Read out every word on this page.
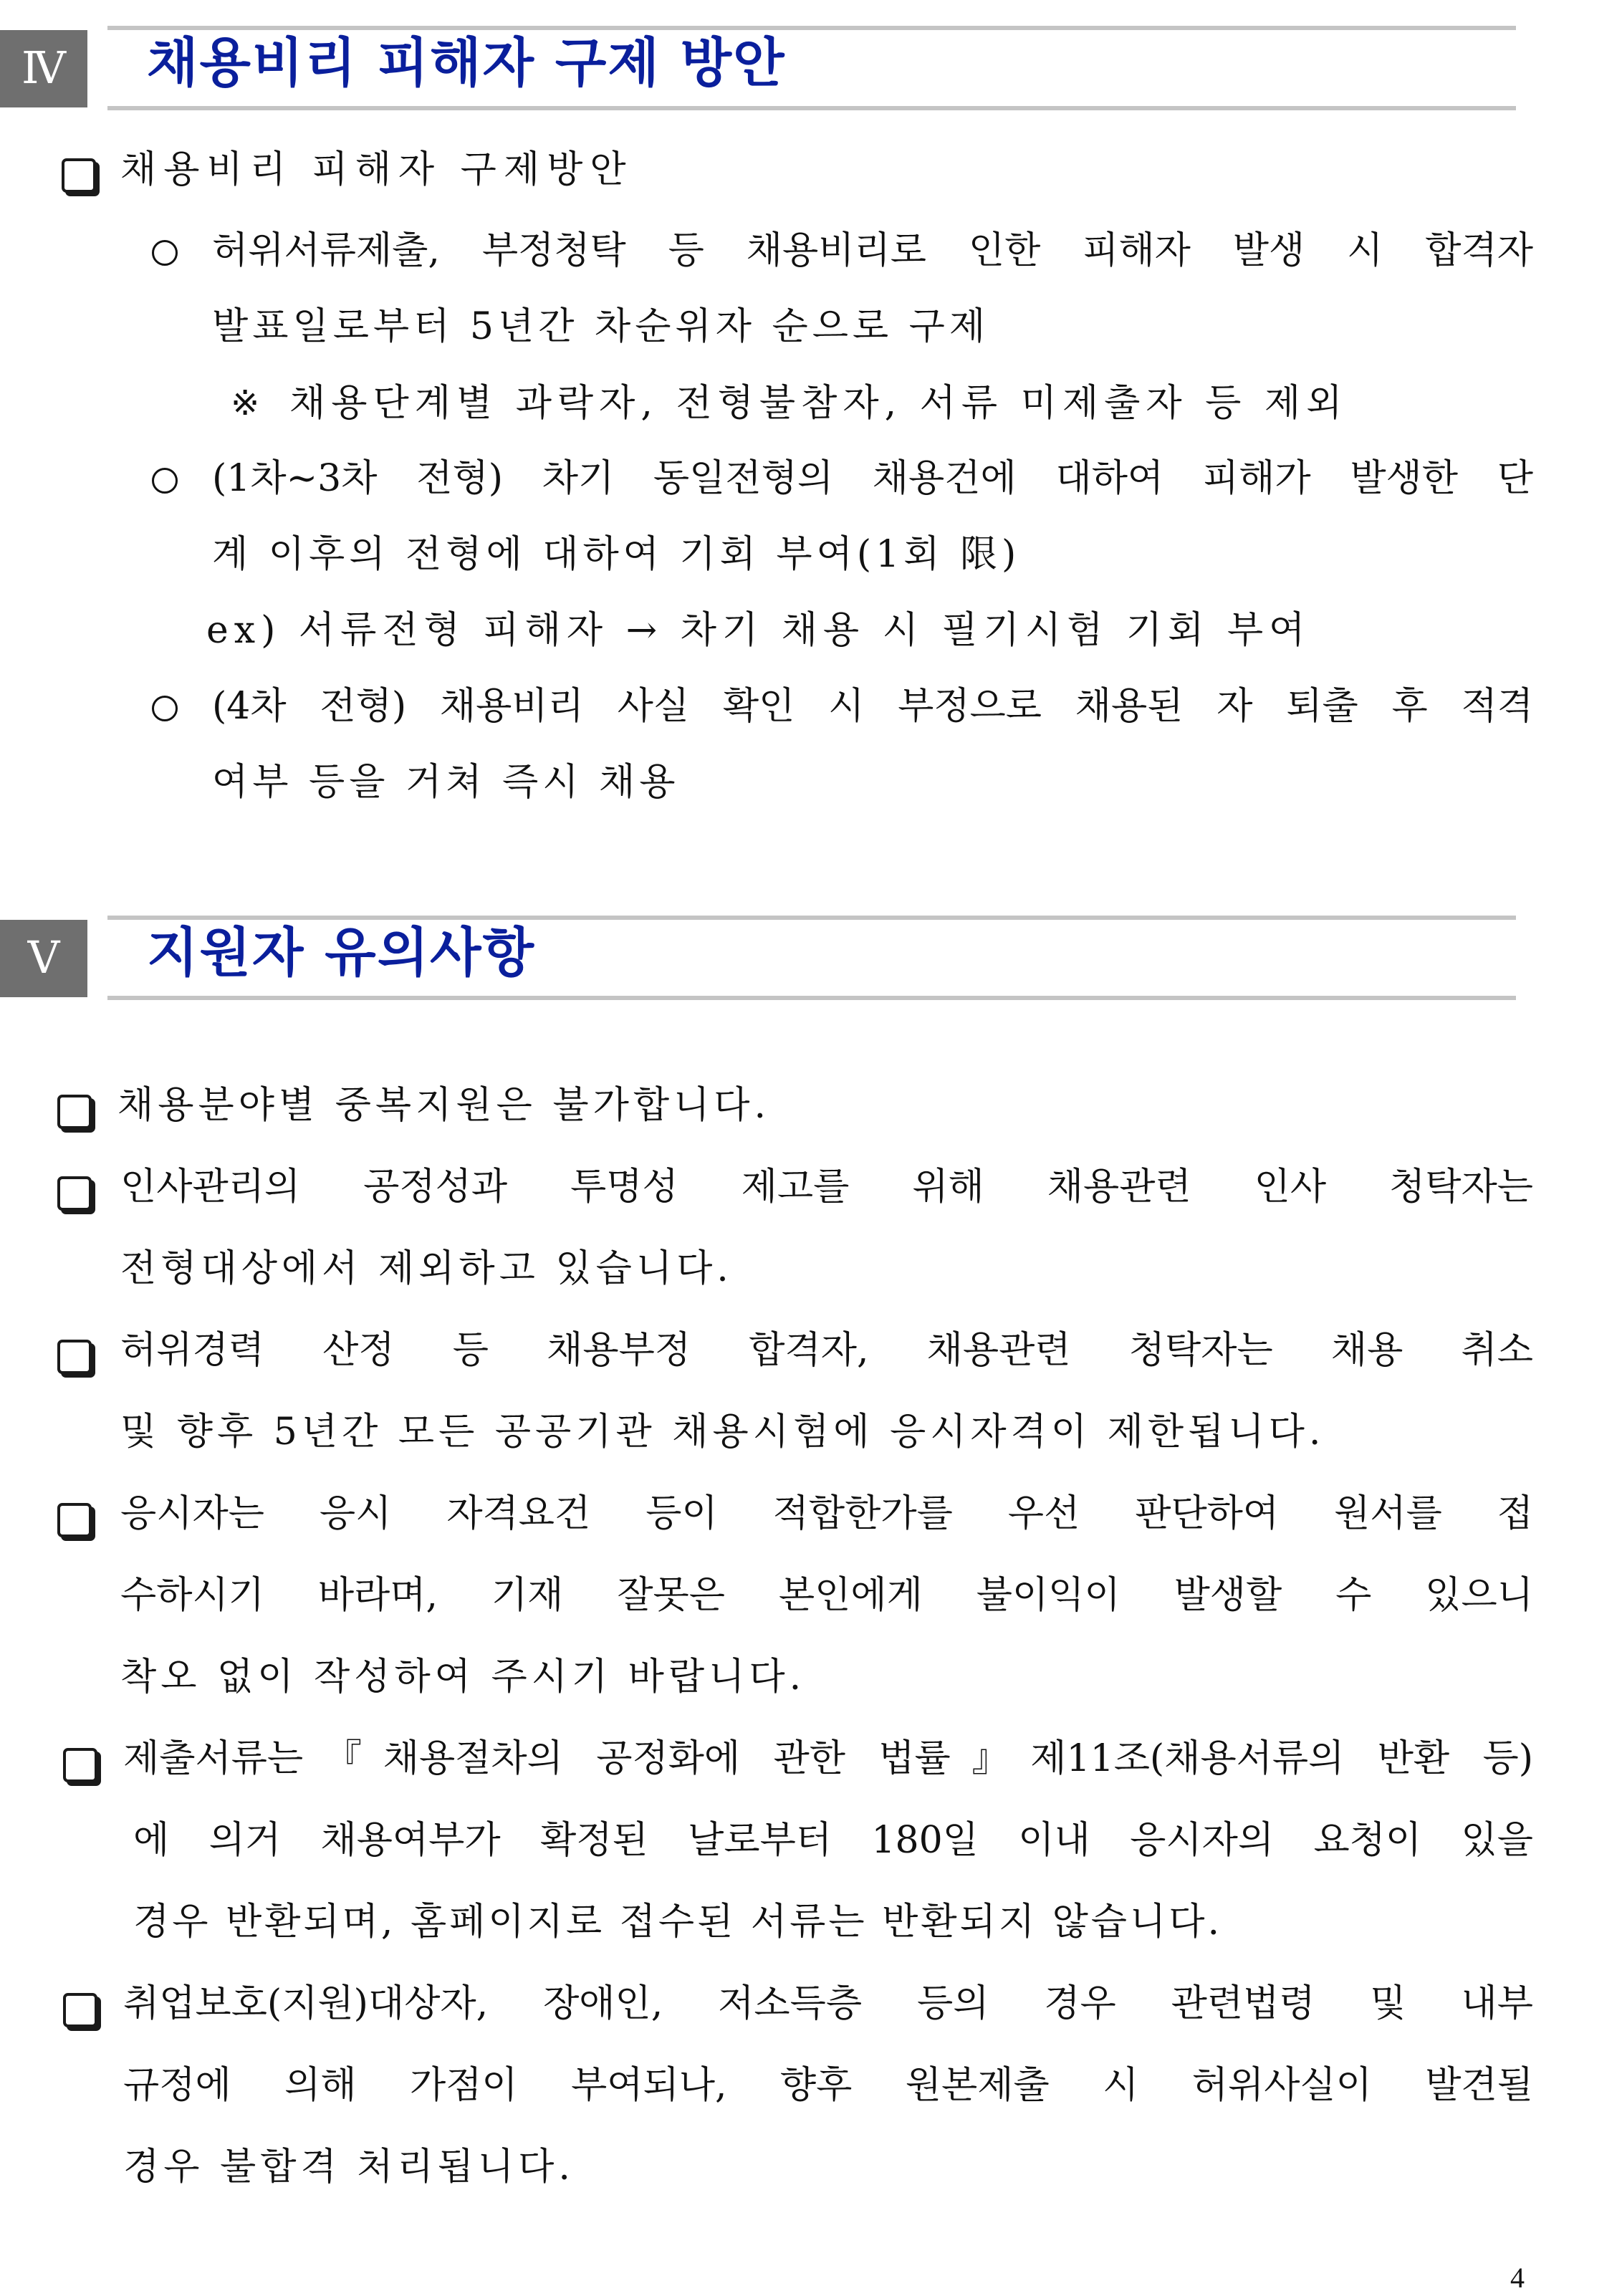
Ⅳ	채용비리 피해자 구제 방안
채용비리 피해자 구제방안
허위서류제출, 부정청탁 등 채용비리로 인한 피해자 발생 시 합격자
발표일로부터 5년간 차순위자 순으로 구제
※ 채용단계별 과락자, 전형불참자, 서류 미제출자 등 제외
(1차~3차 전형) 차기 동일전형의 채용건에 대하여 피해가 발생한 단
계 이후의 전형에 대하여 기회 부여(1회 限)
ex) 서류전형 피해자 → 차기 채용 시 필기시험 기회 부여
(4차 전형) 채용비리 사실 확인 시 부정으로 채용된 자 퇴출 후 적격
여부 등을 거쳐 즉시 채용
Ⅴ	지원자 유의사항
채용분야별 중복지원은 불가합니다.
인사관리의 공정성과 투명성 제고를 위해 채용관련 인사 청탁자는
전형대상에서 제외하고 있습니다.
허위경력 산정 등 채용부정 합격자, 채용관련 청탁자는 채용 취소
및 향후 5년간 모든 공공기관 채용시험에 응시자격이 제한됩니다.
응시자는 응시 자격요건 등이 적합한가를 우선 판단하여 원서를 접
수하시기 바라며, 기재 잘못은 본인에게 불이익이 발생할 수 있으니
착오 없이 작성하여 주시기 바랍니다.
제출서류는『채용절차의 공정화에 관한 법률』제11조(채용서류의 반환 등)
에 의거 채용여부가 확정된 날로부터 180일 이내 응시자의 요청이 있을
경우 반환되며, 홈페이지로 접수된 서류는 반환되지 않습니다.
취업보호(지원)대상자, 장애인, 저소득층 등의 경우 관련법령 및 내부
규정에 의해 가점이 부여되나, 향후 원본제출 시 허위사실이 발견될
경우 불합격 처리됩니다.
4
